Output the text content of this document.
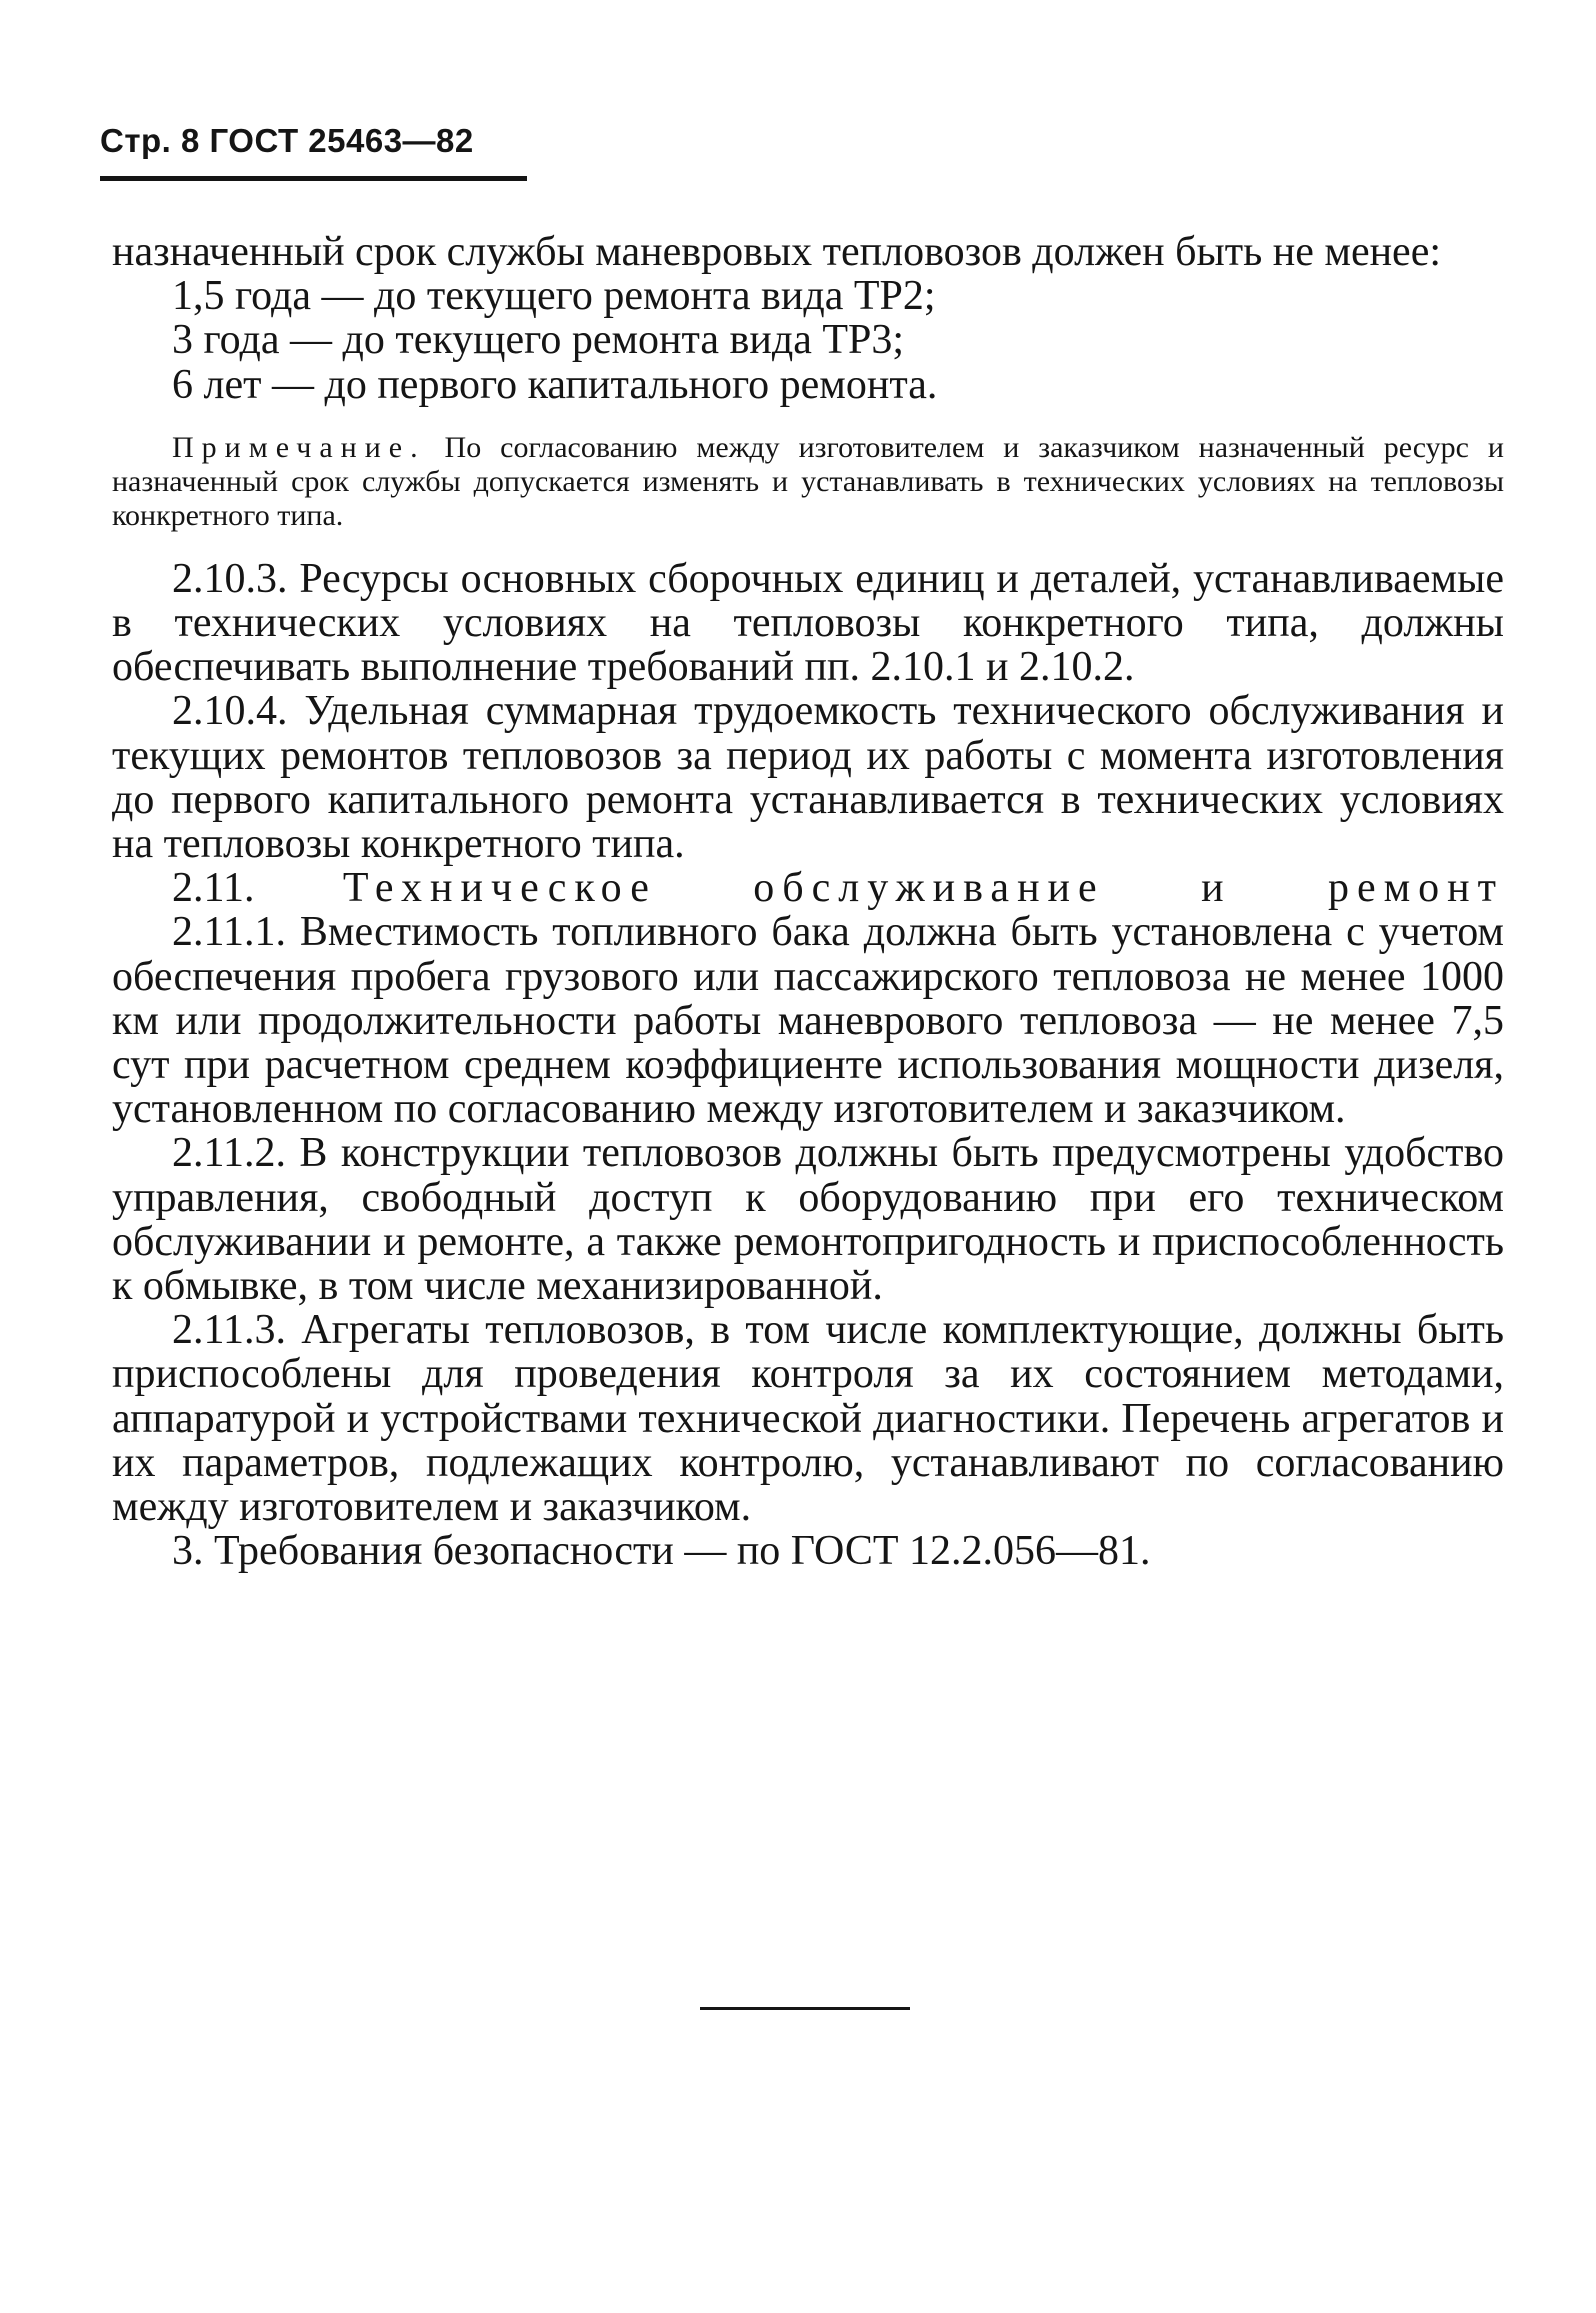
Стр. 8 ГОСТ 25463—82

назначенный срок службы маневровых тепловозов должен быть не менее:

1,5 года — до текущего ремонта вида ТР2;

3 года — до текущего ремонта вида ТР3;

6 лет — до первого капитального ремонта.

Примечание. По согласованию между изготовителем и заказчиком назначенный ресурс и назначенный срок службы допускается изменять и устанавливать в технических условиях на тепловозы конкретного типа.

2.10.3. Ресурсы основных сборочных единиц и деталей, устанавливаемые в технических условиях на тепловозы конкретного типа, должны обеспечивать выполнение требований пп. 2.10.1 и 2.10.2.

2.10.4. Удельная суммарная трудоемкость технического обслуживания и текущих ремонтов тепловозов за период их работы с момента изготовления до первого капитального ремонта устанавливается в технических условиях на тепловозы конкретного типа.

2.11. Техническое обслуживание и ремонт

2.11.1. Вместимость топливного бака должна быть установлена с учетом обеспечения пробега грузового или пассажирского тепловоза не менее 1000 км или продолжительности работы маневрового тепловоза — не менее 7,5 сут при расчетном среднем коэффициенте использования мощности дизеля, установленном по согласованию между изготовителем и заказчиком.

2.11.2. В конструкции тепловозов должны быть предусмотрены удобство управления, свободный доступ к оборудованию при его техническом обслуживании и ремонте, а также ремонтопригодность и приспособленность к обмывке, в том числе механизированной.

2.11.3. Агрегаты тепловозов, в том числе комплектующие, должны быть приспособлены для проведения контроля за их состоянием методами, аппаратурой и устройствами технической диагностики. Перечень агрегатов и их параметров, подлежащих контролю, устанавливают по согласованию между изготовителем и заказчиком.

3. Требования безопасности — по ГОСТ 12.2.056—81.
